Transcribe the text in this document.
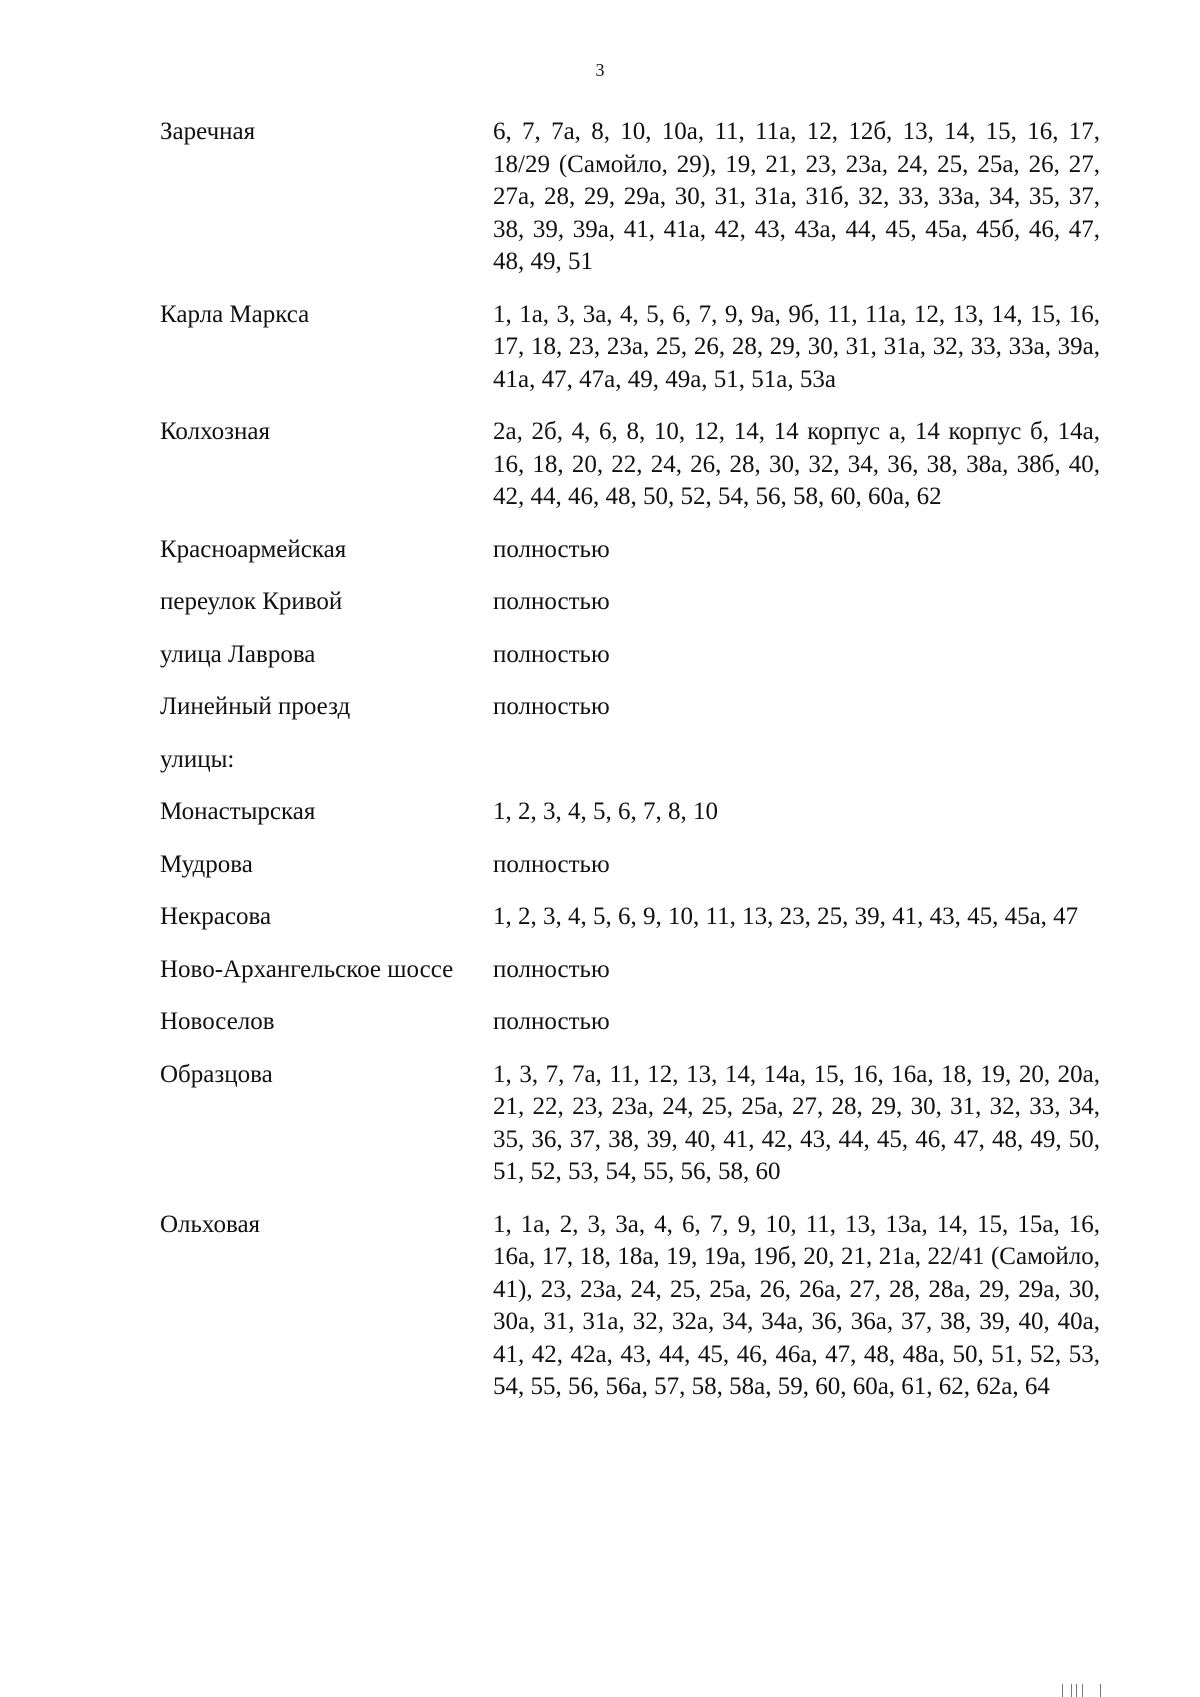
3
Заречная	6, 7, 7а, 8, 10, 10а, 11, 11а, 12, 12б, 13, 14, 15, 16, 17, 18/29 (Самойло, 29), 19, 21, 23, 23а, 24, 25, 25а, 26, 27, 27а, 28, 29, 29а, 30, 31, 31а, 31б, 32, 33, 33а, 34, 35, 37, 38, 39, 39а, 41, 41а, 42, 43, 43а, 44, 45, 45а, 45б, 46, 47, 48, 49, 51
Карла Маркса	1, 1а, 3, 3а, 4, 5, 6, 7, 9, 9а, 9б, 11, 11а, 12, 13, 14, 15, 16, 17, 18, 23, 23а, 25, 26, 28, 29, 30, 31, 31а, 32, 33, 33а, 39а, 41а, 47, 47а, 49, 49а, 51, 51а, 53а
Колхозная	2а, 2б, 4, 6, 8, 10, 12, 14, 14 корпус а, 14 корпус б, 14а, 16, 18, 20, 22, 24, 26, 28, 30, 32, 34, 36, 38, 38а, 38б, 40, 42, 44, 46, 48, 50, 52, 54, 56, 58, 60, 60а, 62
Красноармейская	полностью
переулок Кривой	полностью
улица Лаврова	полностью
Линейный проезд	полностью
улицы:
Монастырская	1, 2, 3, 4, 5, 6, 7, 8, 10
Мудрова	полностью
Некрасова	1, 2, 3, 4, 5, 6, 9, 10, 11, 13, 23, 25, 39, 41, 43, 45, 45а, 47
Ново-Архангельское шоссе	полностью
Новоселов	полностью
Образцова	1, 3, 7, 7а, 11, 12, 13, 14, 14а, 15, 16, 16а, 18, 19, 20, 20а, 21, 22, 23, 23а, 24, 25, 25а, 27, 28, 29, 30, 31, 32, 33, 34, 35, 36, 37, 38, 39, 40, 41, 42, 43, 44, 45, 46, 47, 48, 49, 50, 51, 52, 53, 54, 55, 56, 58, 60
Ольховая	1, 1а, 2, 3, 3а, 4, 6, 7, 9, 10, 11, 13, 13а, 14, 15, 15а, 16, 16а, 17, 18, 18а, 19, 19а, 19б, 20, 21, 21а, 22/41 (Самойло, 41), 23, 23а, 24, 25, 25а, 26, 26а, 27, 28, 28а, 29, 29а, 30, 30а, 31, 31а, 32, 32а, 34, 34а, 36, 36а, 37, 38, 39, 40, 40а, 41, 42, 42а, 43, 44, 45, 46, 46а, 47, 48, 48а, 50, 51, 52, 53, 54, 55, 56, 56а, 57, 58, 58а, 59, 60, 60а, 61, 62, 62а, 64
